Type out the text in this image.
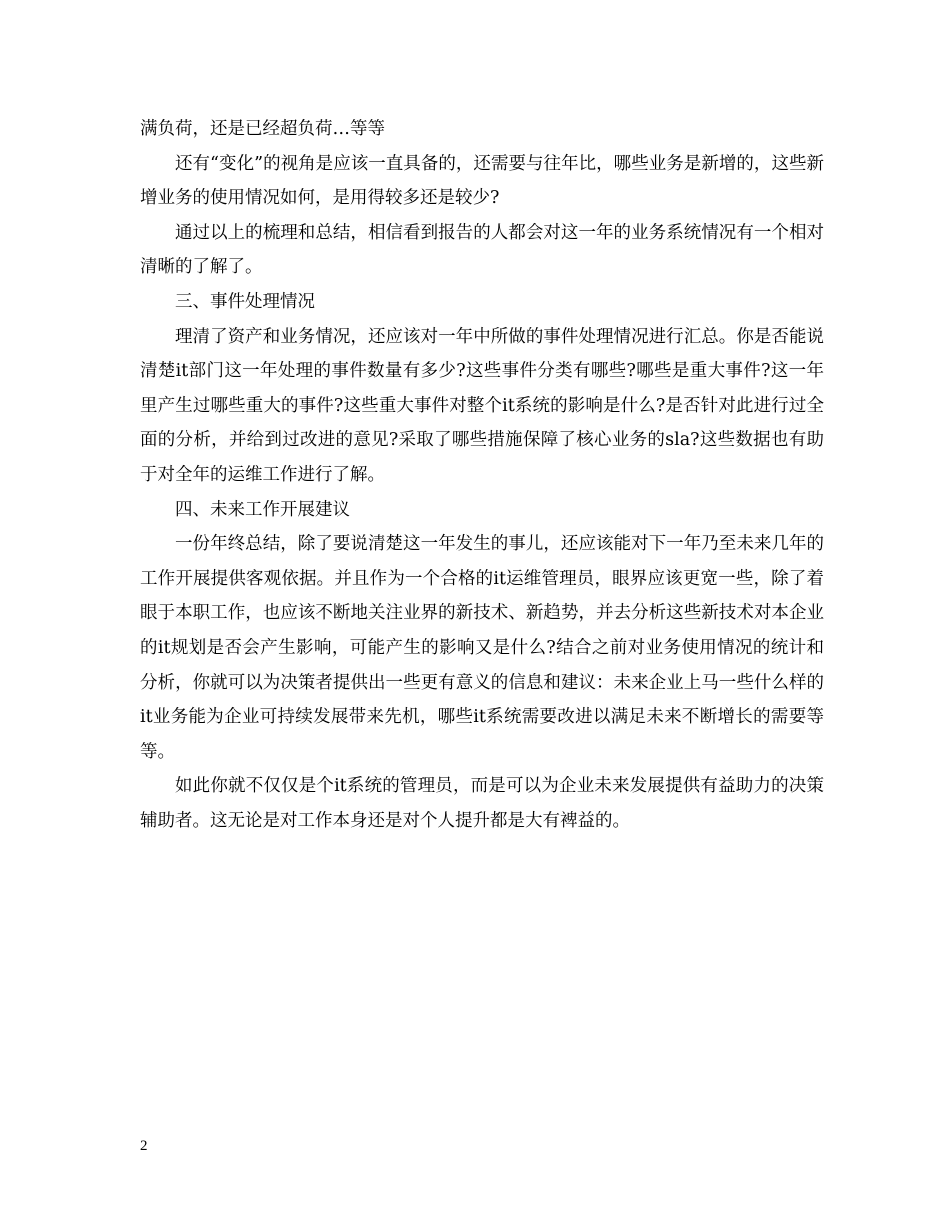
满负荷，还是已经超负荷…等等

还有“变化”的视角是应该一直具备的，还需要与往年比，哪些业务是新增的，这些新增业务的使用情况如何，是用得较多还是较少?

通过以上的梳理和总结，相信看到报告的人都会对这一年的业务系统情况有一个相对清晰的了解了。

三、事件处理情况

理清了资产和业务情况，还应该对一年中所做的事件处理情况进行汇总。你是否能说清楚it部门这一年处理的事件数量有多少?这些事件分类有哪些?哪些是重大事件?这一年里产生过哪些重大的事件?这些重大事件对整个it系统的影响是什么?是否针对此进行过全面的分析，并给到过改进的意见?采取了哪些措施保障了核心业务的sla?这些数据也有助于对全年的运维工作进行了解。

四、未来工作开展建议

一份年终总结，除了要说清楚这一年发生的事儿，还应该能对下一年乃至未来几年的工作开展提供客观依据。并且作为一个合格的it运维管理员，眼界应该更宽一些，除了着眼于本职工作，也应该不断地关注业界的新技术、新趋势，并去分析这些新技术对本企业的it规划是否会产生影响，可能产生的影响又是什么?结合之前对业务使用情况的统计和分析，你就可以为决策者提供出一些更有意义的信息和建议：未来企业上马一些什么样的it业务能为企业可持续发展带来先机，哪些it系统需要改进以满足未来不断增长的需要等等。

如此你就不仅仅是个it系统的管理员，而是可以为企业未来发展提供有益助力的决策辅助者。这无论是对工作本身还是对个人提升都是大有裨益的。

2
